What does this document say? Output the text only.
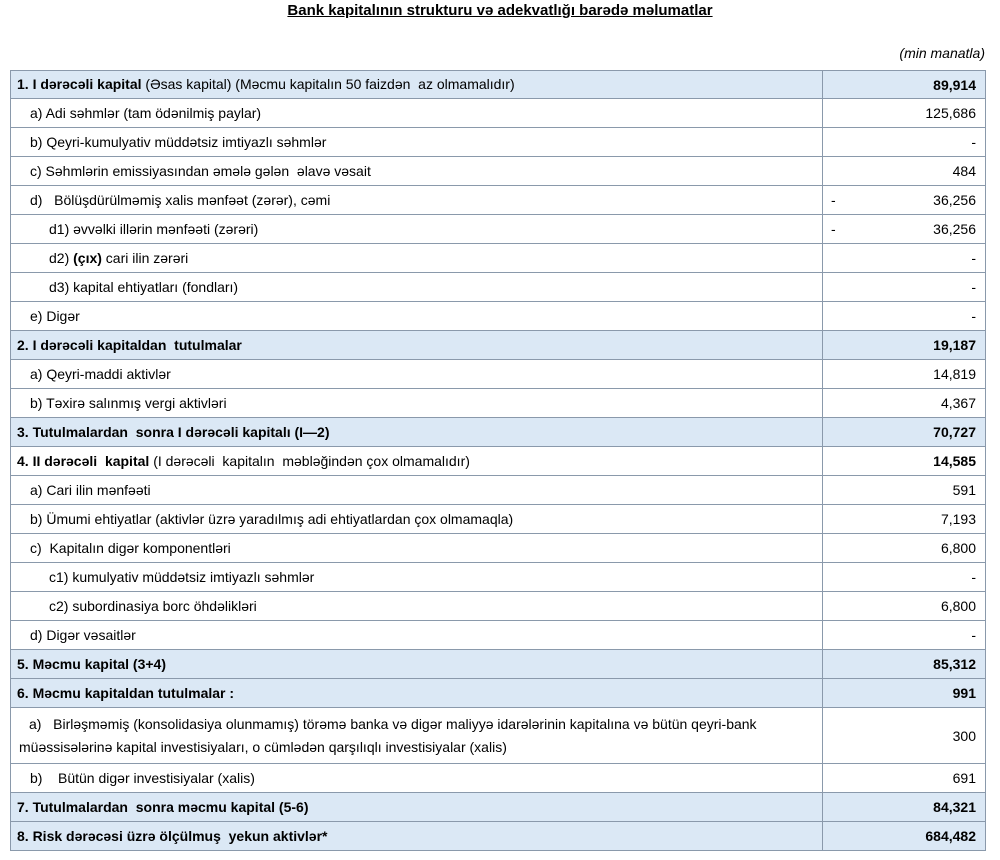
Bank kapitalının strukturu və adekvatlığı barədə məlumatlar
(min manatla)
1. I dərəcəli kapital (Əsas kapital) (Məcmu kapitalın 50 faizdən  az olmamalıdır)	89,914

a) Adi səhmlər (tam ödənilmiş paylar)	125,686

b) Qeyri-kumulyativ müddətsiz imtiyazlı səhmlər	-

c) Səhmlərin emissiyasından əmələ gələn  əlavə vəsait	484

d)   Bölüşdürülməmiş xalis mənfəət (zərər), cəmi	- 36,256

d1) əvvəlki illərin mənfəəti (zərəri)	- 36,256

d2) (çıx) cari ilin zərəri	-

d3) kapital ehtiyatları (fondları)	-

e) Digər	-

2. I dərəcəli kapitaldan  tutulmalar	19,187

a) Qeyri-maddi aktivlər	14,819

b) Təxirə salınmış vergi aktivləri	4,367

3. Tutulmalardan  sonra I dərəcəli kapitalı (I—2)	70,727

4. II dərəcəli  kapital (I dərəcəli  kapitalın  məbləğindən çox olmamalıdır)	14,585

a) Cari ilin mənfəəti	591

b) Ümumi ehtiyatlar (aktivlər üzrə yaradılmış adi ehtiyatlardan çox olmamaqla)	7,193

c)  Kapitalın digər komponentləri	6,800

c1) kumulyativ müddətsiz imtiyazlı səhmlər	-

c2) subordinasiya borc öhdəlikləri	6,800

d) Digər vəsaitlər	-

5. Məcmu kapital (3+4)	85,312

6. Məcmu kapitaldan tutulmalar :	991

a)   Birləşməmiş (konsolidasiya olunmamış) törəmə banka və digər maliyyə idarələrinin kapitalına və bütün qeyri-bank müəssisələrinə kapital investisiyaları, o cümlədən qarşılıqlı investisiyalar (xalis)	300

b)    Bütün digər investisiyalar (xalis)	691

7. Tutulmalardan  sonra məcmu kapital (5-6)	84,321

8. Risk dərəcəsi üzrə ölçülmuş  yekun aktivlər*	684,482
